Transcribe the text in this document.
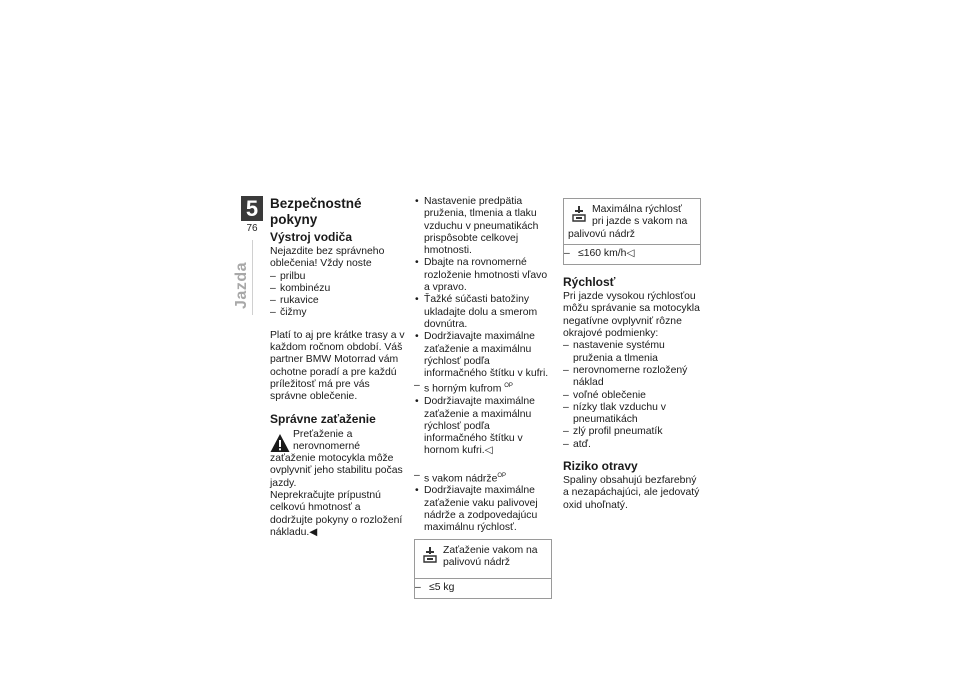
5
76
Jazda
Bezpečnostné pokyny
Výstroj vodiča

Nejazdite bez správneho oblečenia! Vždy noste

– prilbu
– kombinézu
– rukavice
– čižmy

Platí to aj pre krátke trasy a v každom ročnom období. Váš partner BMW Motorrad vám ochotne poradí a pre každú príležitosť má pre vás správne oblečenie.

Správne zaťaženie

Preťaženie a nerovnomerné zaťaženie motocykla môže ovplyvniť jeho stabilitu počas jazdy.

Neprekračujte prípustnú celkovú hmotnosť a dodržujte pokyny o rozložení nákladu.◀

• Nastavenie predpätia pruženia, tlmenia a tlaku vzduchu v pneumatikách prispôsobte celkovej hmotnosti.
• Dbajte na rovnomerné rozloženie hmotnosti vľavo a vpravo.
• Ťažké súčasti batožiny ukladajte dolu a smerom dovnútra.
• Dodržiavajte maximálne zaťaženie a maximálnu rýchlosť podľa informačného štítku v kufri.
– s horným kufrom $^{OP}$
• Dodržiavajte maximálne zaťaženie a maximálnu rýchlosť podľa informačného štítku v hornom kufri.◁
– s vakom nádrže$^{OP}$
• Dodržiavajte maximálne zaťaženie vaku palivovej nádrže a zodpovedajúcu maximálnu rýchlosť.
Zaťaženie vakom na palivovú nádrž
– ≤5 kg
Maximálna rýchlosť pri jazde s vakom na palivovú nádrž
– ≤160 km/h◁
Rýchlosť

Pri jazde vysokou rýchlosťou môžu správanie sa motocykla negatívne ovplyvniť rôzne okrajové podmienky:

– nastavenie systému pruženia a tlmenia
– nerovnomerne rozložený náklad
– voľné oblečenie
– nízky tlak vzduchu v pneumatikách
– zlý profil pneumatík
– atď.
Riziko otravy

Spaliny obsahujú bezfarebný a nezapáchajúci, ale jedovatý oxid uhoľnatý.
